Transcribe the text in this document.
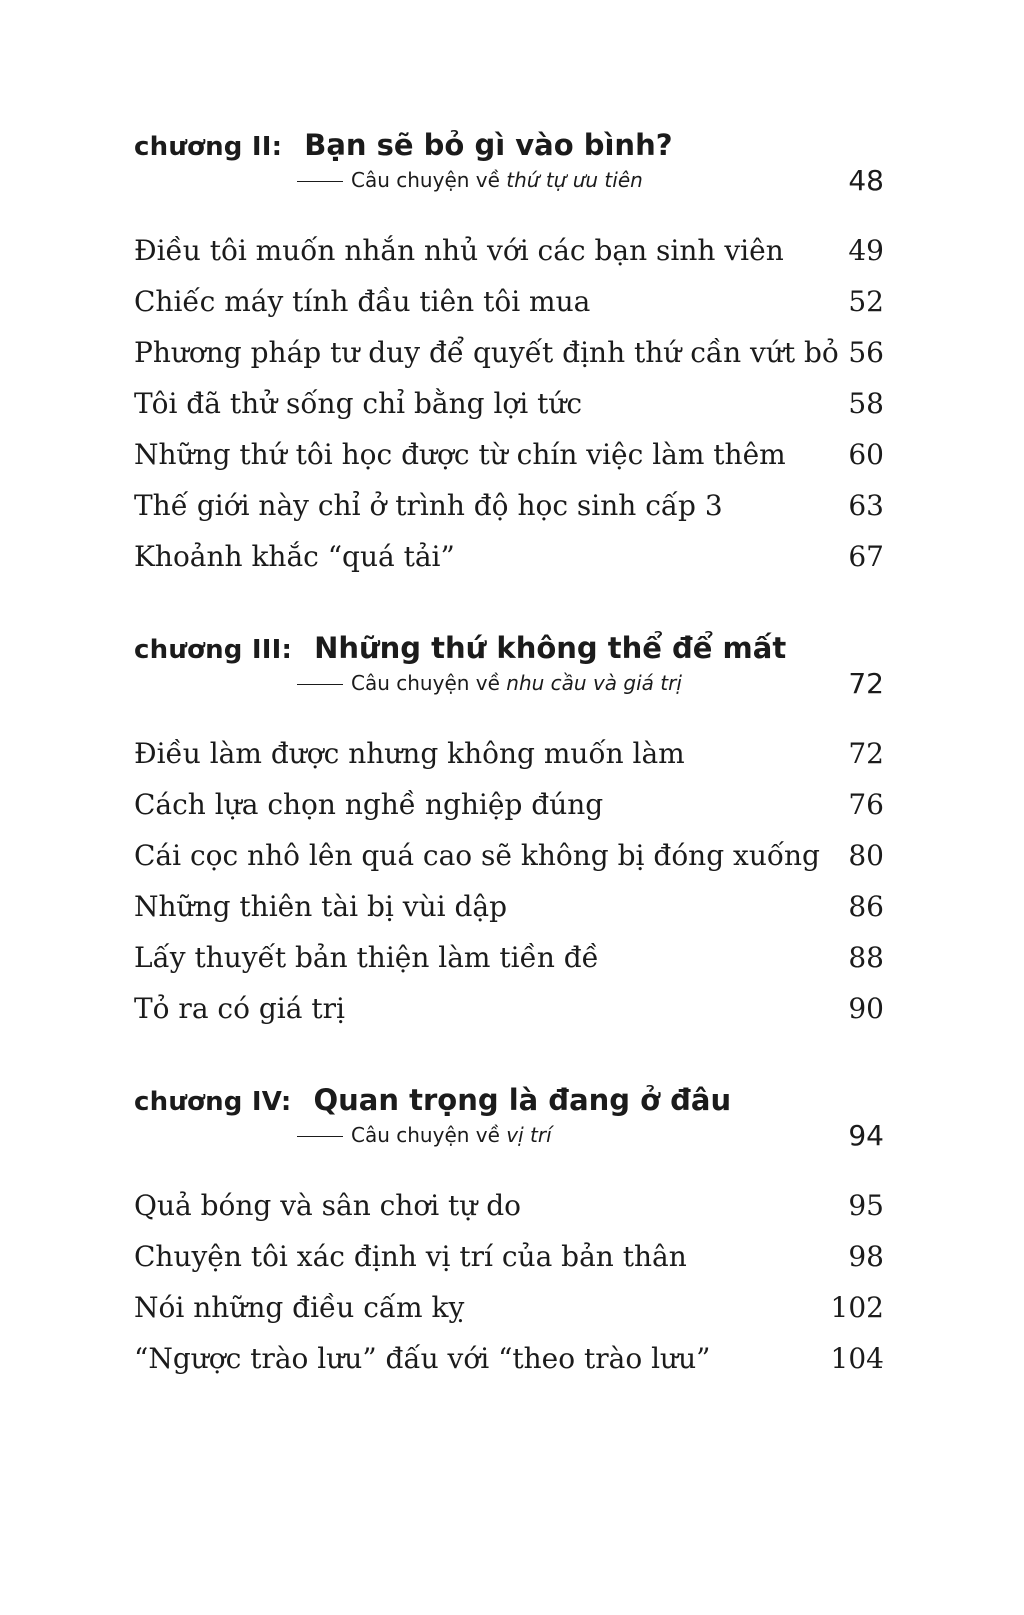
chương II: Bạn sẽ bỏ gì vào bình?
Câu chuyện về thứ tự ưu tiên	48
Điều tôi muốn nhắn nhủ với các bạn sinh viên 49
Chiếc máy tính đầu tiên tôi mua	52
Phương pháp tư duy để quyết định thứ cần vứt bỏ 56
Tôi đã thử sống chỉ bằng lợi tức	58
Những thứ tôi học được từ chín việc làm thêm 60
Thế giới này chỉ ở trình độ học sinh cấp 3	63
Khoảnh khắc “quá tải”	67
chương III: Những thứ không thể để mất
Câu chuyện về nhu cầu và giá trị	72
Điều làm được nhưng không muốn làm	72
Cách lựa chọn nghề nghiệp đúng	76
Cái cọc nhô lên quá cao sẽ không bị đóng xuống 80
Những thiên tài bị vùi dập	86
Lấy thuyết bản thiện làm tiền đề	88
Tỏ ra có giá trị	90
chương IV: Quan trọng là đang ở đâu
Câu chuyện về vị trí	94
Quả bóng và sân chơi tự do	95
Chuyện tôi xác định vị trí của bản thân	98
Nói những điều cấm kỵ	102
“Ngược trào lưu” đấu với “theo trào lưu”	104
